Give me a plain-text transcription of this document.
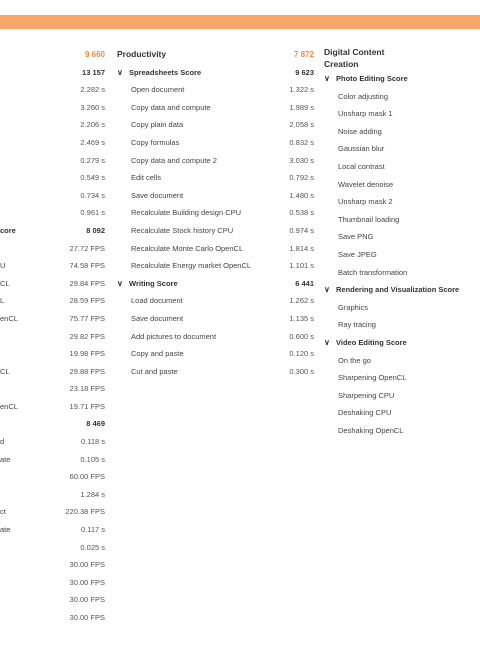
core
U
CL
L
enCL
CL
enCL
d
ate
ct
ate
9 660
13 157
2.282 s
3.260 s
2.206 s
2.469 s
0.279 s
0.549 s
0.734 s
0.961 s
8 092
27.72 FPS
74.58 FPS
29.84 FPS
28.59 FPS
75.77 FPS
29.82 FPS
19.98 FPS
29.88 FPS
23.18 FPS
19.71 FPS
8 469
0.118 s
0.105 s
60.00 FPS
1.284 s
220.38 FPS
0.117 s
0.025 s
30.00 FPS
30.00 FPS
30.00 FPS
30.00 FPS
Productivity
∨ Spreadsheets Score
Open document
Copy data and compute
Copy plain data
Copy formulas
Copy data and compute 2
Edit cells
Save document
Recalculate Building design CPU
Recalculate Stock history CPU
Recalculate Monte Carlo OpenCL
Recalculate Energy market OpenCL
∨ Writing Score
Load document
Save document
Add pictures to document
Copy and paste
Cut and paste
7 872
9 623
1.322 s
1.989 s
2.058 s
0.832 s
3.030 s
0.792 s
1.480 s
0.538 s
0.974 s
1.814 s
1.101 s
6 441
1.262 s
1.135 s
0.600 s
0.120 s
0.300 s
Digital Content
Creation
∨ Photo Editing Score
Color adjusting
Unsharp mask 1
Noise adding
Gaussian blur
Local contrast
Wavelet denoise
Unsharp mask 2
Thumbnail loading
Save PNG
Save JPEG
Batch transformation
∨ Rendering and Visualization Score
Graphics
Ray tracing
∨ Video Editing Score
On the go
Sharpening OpenCL
Sharpening CPU
Deshaking CPU
Deshaking OpenCL
